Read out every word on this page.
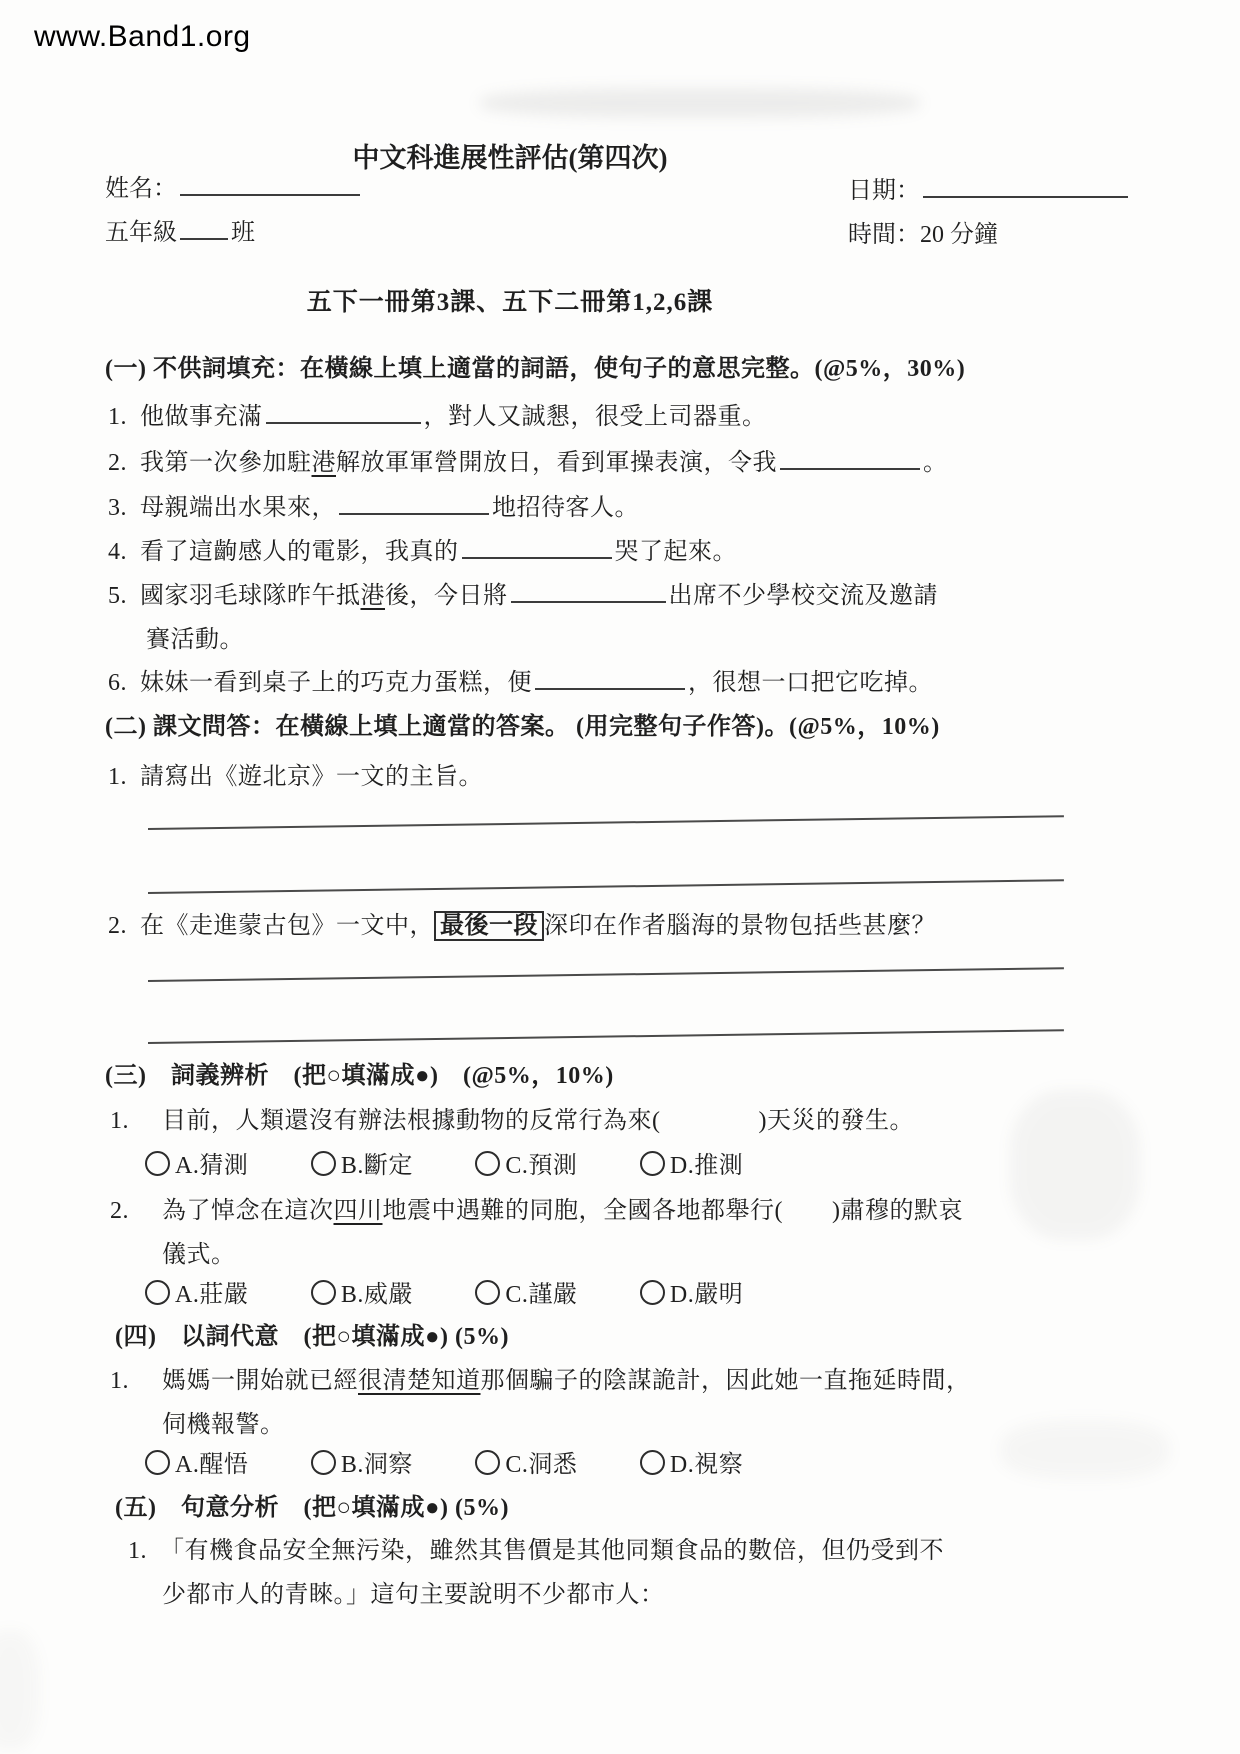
www.Band1.org
中文科進展性評估(第四次)
姓名：	日期：
五年級 班	時間：20 分鐘
五下一冊第3課、五下二冊第1,2,6課
(一) 不供詞填充：在橫線上填上適當的詞語，使句子的意思完整。(@5%，30%)
1. 他做事充滿	，對人又誠懇，很受上司器重。
2. 我第一次參加駐港解放軍軍營開放日，看到軍操表演，令我	。
3. 母親端出水果來，	地招待客人。
4. 看了這齣感人的電影，我真的	哭了起來。
5. 國家羽毛球隊昨午抵港後，今日將	出席不少學校交流及邀請
賽活動。
6. 妹妹一看到桌子上的巧克力蛋糕，便	，很想一口把它吃掉。
(二) 課文問答：在橫線上填上適當的答案。 (用完整句子作答)。(@5%，10%)
1. 請寫出《遊北京》一文的主旨。
2. 在《走進蒙古包》一文中， 最後一段 深印在作者腦海的景物包括些甚麼？
(三)　詞義辨析　(把○填滿成●)　(@5%，10%)
1. 目前，人類還沒有辦法根據動物的反常行為來(　　　　)天災的發生。
A.猜測	B.斷定	C.預測	D.推測
2. 為了悼念在這次四川地震中遇難的同胞，全國各地都舉行(　　)肅穆的默哀
儀式。
A.莊嚴	B.威嚴	C.謹嚴	D.嚴明
(四)　以詞代意　(把○填滿成●) (5%)
1. 媽媽一開始就已經很清楚知道那個騙子的陰謀詭計，因此她一直拖延時間，
伺機報警。
A.醒悟	B.洞察	C.洞悉	D.視察
(五)　句意分析　(把○填滿成●) (5%)
1. 「有機食品安全無污染，雖然其售價是其他同類食品的數倍，但仍受到不
少都市人的青睞。」這句主要說明不少都市人：
